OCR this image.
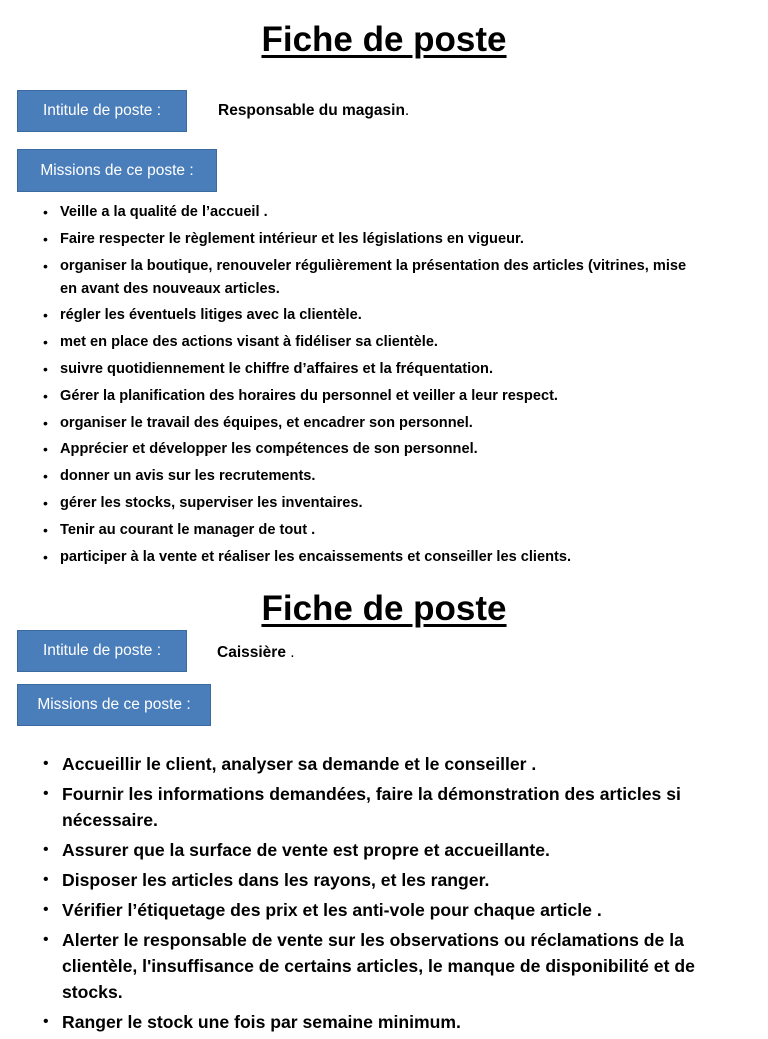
Fiche de poste
Intitule de poste :	Responsable du magasin.
Missions de ce poste :
• Veille a la qualité de l’accueil .
• Faire respecter le règlement intérieur et les législations en vigueur.
• organiser la boutique, renouveler régulièrement la présentation des articles (vitrines, mise en avant des nouveaux articles.
• régler les éventuels litiges avec la clientèle.
• met en place des actions visant à fidéliser sa clientèle.
• suivre quotidiennement le chiffre d’affaires et la fréquentation.
• Gérer la planification des horaires du personnel et veiller a leur respect.
• organiser le travail des équipes, et encadrer son personnel.
• Apprécier et développer les compétences de son personnel.
• donner un avis sur les recrutements.
• gérer les stocks, superviser les inventaires.
• Tenir au courant le manager de tout .
• participer à la vente et réaliser les encaissements et conseiller les clients.
Fiche de poste
Intitule de poste :	Caissière .
Missions de ce poste :
• Accueillir le client, analyser sa demande et le conseiller .
• Fournir les informations demandées, faire la démonstration des articles si nécessaire.
• Assurer que la surface de vente est propre et accueillante.
• Disposer les articles dans les rayons, et les ranger.
• Vérifier l’étiquetage des prix et les anti-vole pour chaque article .
• Alerter le responsable de vente sur les observations ou réclamations de la clientèle, l'insuffisance de certains articles, le manque de disponibilité et de stocks.
• Ranger le stock une fois par semaine minimum.
